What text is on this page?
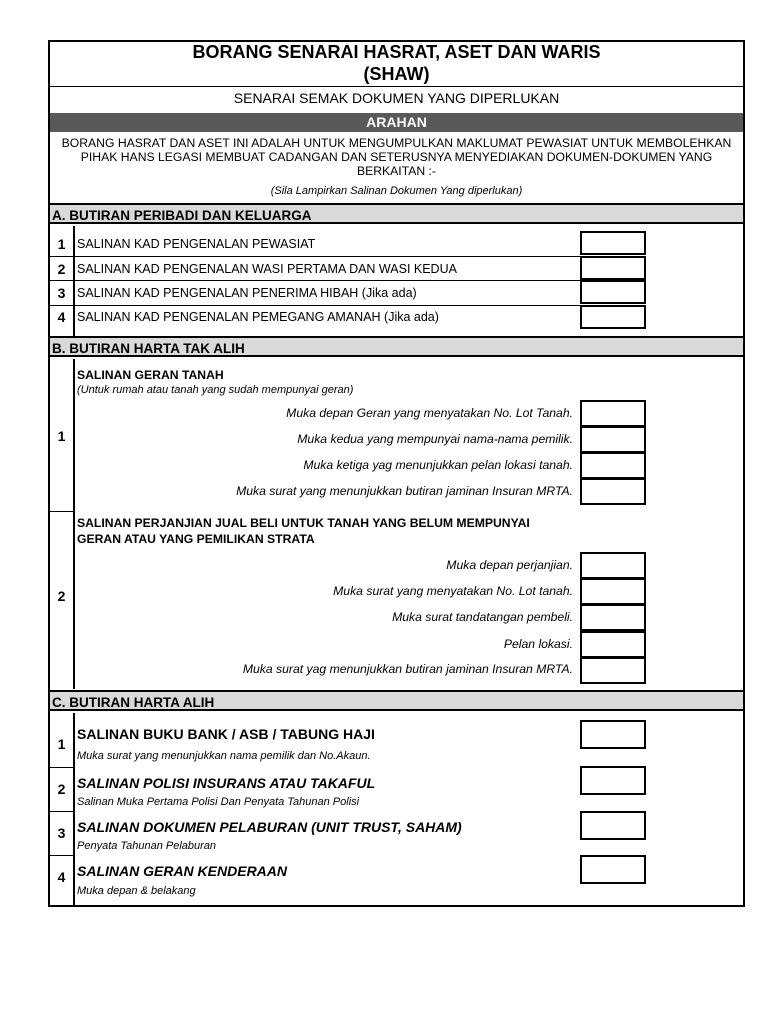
BORANG SENARAI HASRAT, ASET DAN WARIS
(SHAW)
SENARAI SEMAK DOKUMEN YANG DIPERLUKAN
ARAHAN
BORANG HASRAT DAN ASET INI ADALAH UNTUK MENGUMPULKAN MAKLUMAT PEWASIAT UNTUK MEMBOLEHKAN PIHAK HANS LEGASI MEMBUAT CADANGAN DAN SETERUSNYA MENYEDIAKAN DOKUMEN-DOKUMEN YANG BERKAITAN :-
(Sila Lampirkan Salinan Dokumen Yang diperlukan)
A. BUTIRAN PERIBADI DAN KELUARGA
1 SALINAN KAD PENGENALAN PEWASIAT
2 SALINAN KAD PENGENALAN WASI PERTAMA DAN WASI KEDUA
3 SALINAN KAD PENGENALAN PENERIMA HIBAH (Jika ada)
4 SALINAN KAD PENGENALAN PEMEGANG AMANAH (Jika ada)
B. BUTIRAN HARTA TAK ALIH
1
SALINAN GERAN TANAH
(Untuk rumah atau tanah yang sudah mempunyai geran)
Muka depan Geran yang menyatakan No. Lot Tanah.
Muka kedua yang mempunyai nama-nama pemilik.
Muka ketiga yag menunjukkan pelan lokasi tanah.
Muka surat yang menunjukkan butiran jaminan Insuran MRTA.
2
SALINAN PERJANJIAN JUAL BELI UNTUK TANAH YANG BELUM MEMPUNYAI
GERAN ATAU YANG PEMILIKAN STRATA
Muka depan perjanjian.
Muka surat yang menyatakan No. Lot tanah.
Muka surat tandatangan pembeli.
Pelan lokasi.
Muka surat yag menunjukkan butiran jaminan Insuran MRTA.
C. BUTIRAN HARTA ALIH
1
SALINAN BUKU BANK / ASB / TABUNG HAJI
Muka surat yang menunjukkan nama pemilik dan No.Akaun.
2 SALINAN POLISI INSURANS ATAU TAKAFUL
Salinan Muka Pertama Polisi Dan Penyata Tahunan Polisi
3 SALINAN DOKUMEN PELABURAN (UNIT TRUST, SAHAM)
Penyata Tahunan Pelaburan
4 SALINAN GERAN KENDERAAN
Muka depan & belakang
